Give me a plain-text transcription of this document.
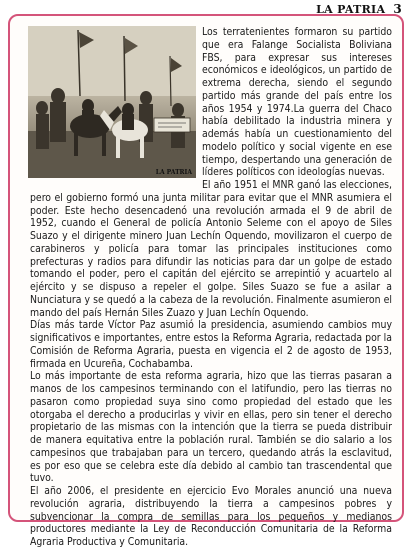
LA PATRIA 3

Los terratenientes formaron su partido que era Falange Socialista Boliviana FBS, para expresar sus intereses económicos e ideológicos, un partido de extrema derecha, siendo el segundo partido más grande del país entre los años 1954 y 1974.La guerra del Chaco había debilitado la industria minera y además había un cuestionamiento del modelo político y social vigente en ese tiempo, despertando una generación de líderes políticos con ideologías nuevas.

El año 1951 el MNR ganó las elecciones, pero el gobierno formó una junta militar para evitar que el MNR asumiera el poder. Este hecho desencadenó una revolución armada el 9 de abril de 1952, cuando el General de policía Antonio Seleme con el apoyo de Siles Suazo y el dirigente minero Juan Lechín Oquendo, movilizaron el cuerpo de carabineros y policía para tomar las principales instituciones como prefecturas y radios para difundir las noticias para dar un golpe de estado tomando el poder, pero el capitán del ejército se arrepintió y acuartelo al ejército y se dispuso a repeler el golpe. Siles Suazo se fue a asilar a Nunciatura y se quedó a la cabeza de la revolución. Finalmente asumieron el mando del país Hernán Siles Zuazo y Juan Lechín Oquendo.

Días más tarde Víctor Paz asumió la presidencia, asumiendo cambios muy significativos e importantes, entre estos la Reforma Agraria, redactada por la Comisión de Reforma Agraria, puesta en vigencia el 2 de agosto de 1953, firmada en Ucureña, Cochabamba.

Lo más importante de esta reforma agraria, hizo que las tierras pasaran a manos de los campesinos terminando con el latifundio, pero las tierras no pasaron como propiedad suya sino como propiedad del estado que les otorgaba el derecho a producirlas y vivir en ellas, pero sin tener el derecho propietario de las mismas con la intención que la tierra se pueda distribuir de manera equitativa entre la población rural. También se dio salario a los campesinos que trabajaban para un tercero, quedando atrás la esclavitud, es por eso que se celebra este día debido al cambio tan trascendental que tuvo.

El año 2006, el presidente en ejercicio Evo Morales anunció una nueva revolución agraria, distribuyendo la tierra a campesinos pobres y subvencionar la compra de semillas para los pequeños y medianos productores mediante la Ley de Reconducción Comunitaria de la Reforma Agraria Productiva y Comunitaria.

LA PATRIA
